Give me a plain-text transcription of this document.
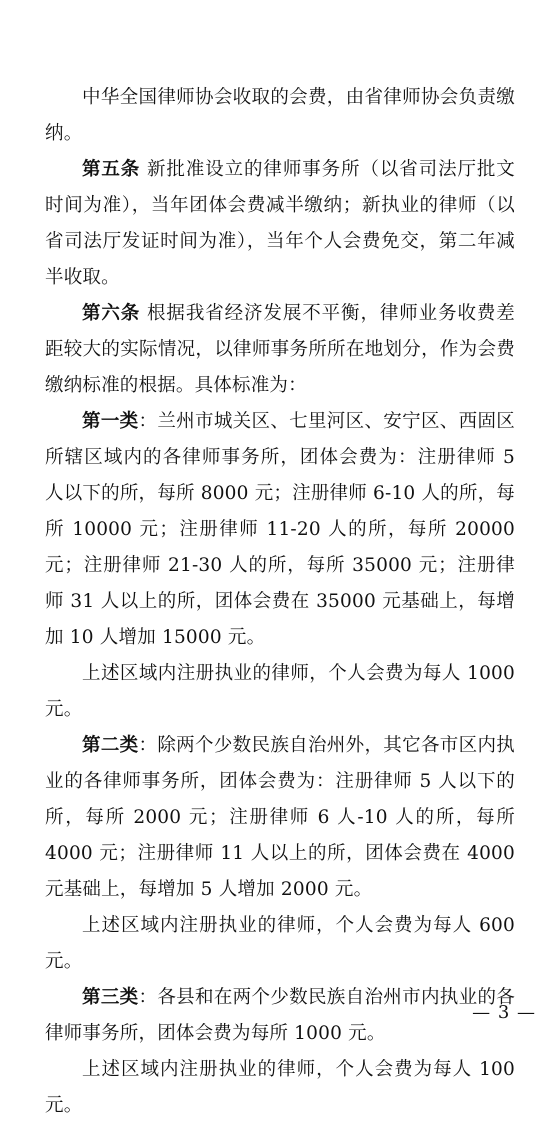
中华全国律师协会收取的会费，由省律师协会负责缴纳。

第五条 新批准设立的律师事务所（以省司法厅批文时间为准），当年团体会费减半缴纳；新执业的律师（以省司法厅发证时间为准），当年个人会费免交，第二年减半收取。

第六条 根据我省经济发展不平衡，律师业务收费差距较大的实际情况，以律师事务所所在地划分，作为会费缴纳标准的根据。具体标准为：

第一类：兰州市城关区、七里河区、安宁区、西固区所辖区域内的各律师事务所，团体会费为：注册律师 5 人以下的所，每所 8000 元；注册律师 6-10 人的所，每所 10000 元；注册律师 11-20 人的所，每所 20000 元；注册律师 21-30 人的所，每所 35000 元；注册律师 31 人以上的所，团体会费在 35000 元基础上，每增加 10 人增加 15000 元。

上述区域内注册执业的律师，个人会费为每人 1000 元。

第二类：除两个少数民族自治州外，其它各市区内执业的各律师事务所，团体会费为：注册律师 5 人以下的所，每所 2000 元；注册律师 6 人-10 人的所，每所 4000 元；注册律师 11 人以上的所，团体会费在 4000 元基础上，每增加 5 人增加 2000 元。

上述区域内注册执业的律师，个人会费为每人 600 元。

第三类：各县和在两个少数民族自治州市内执业的各律师事务所，团体会费为每所 1000 元。

上述区域内注册执业的律师，个人会费为每人 100 元。

— 3 —
